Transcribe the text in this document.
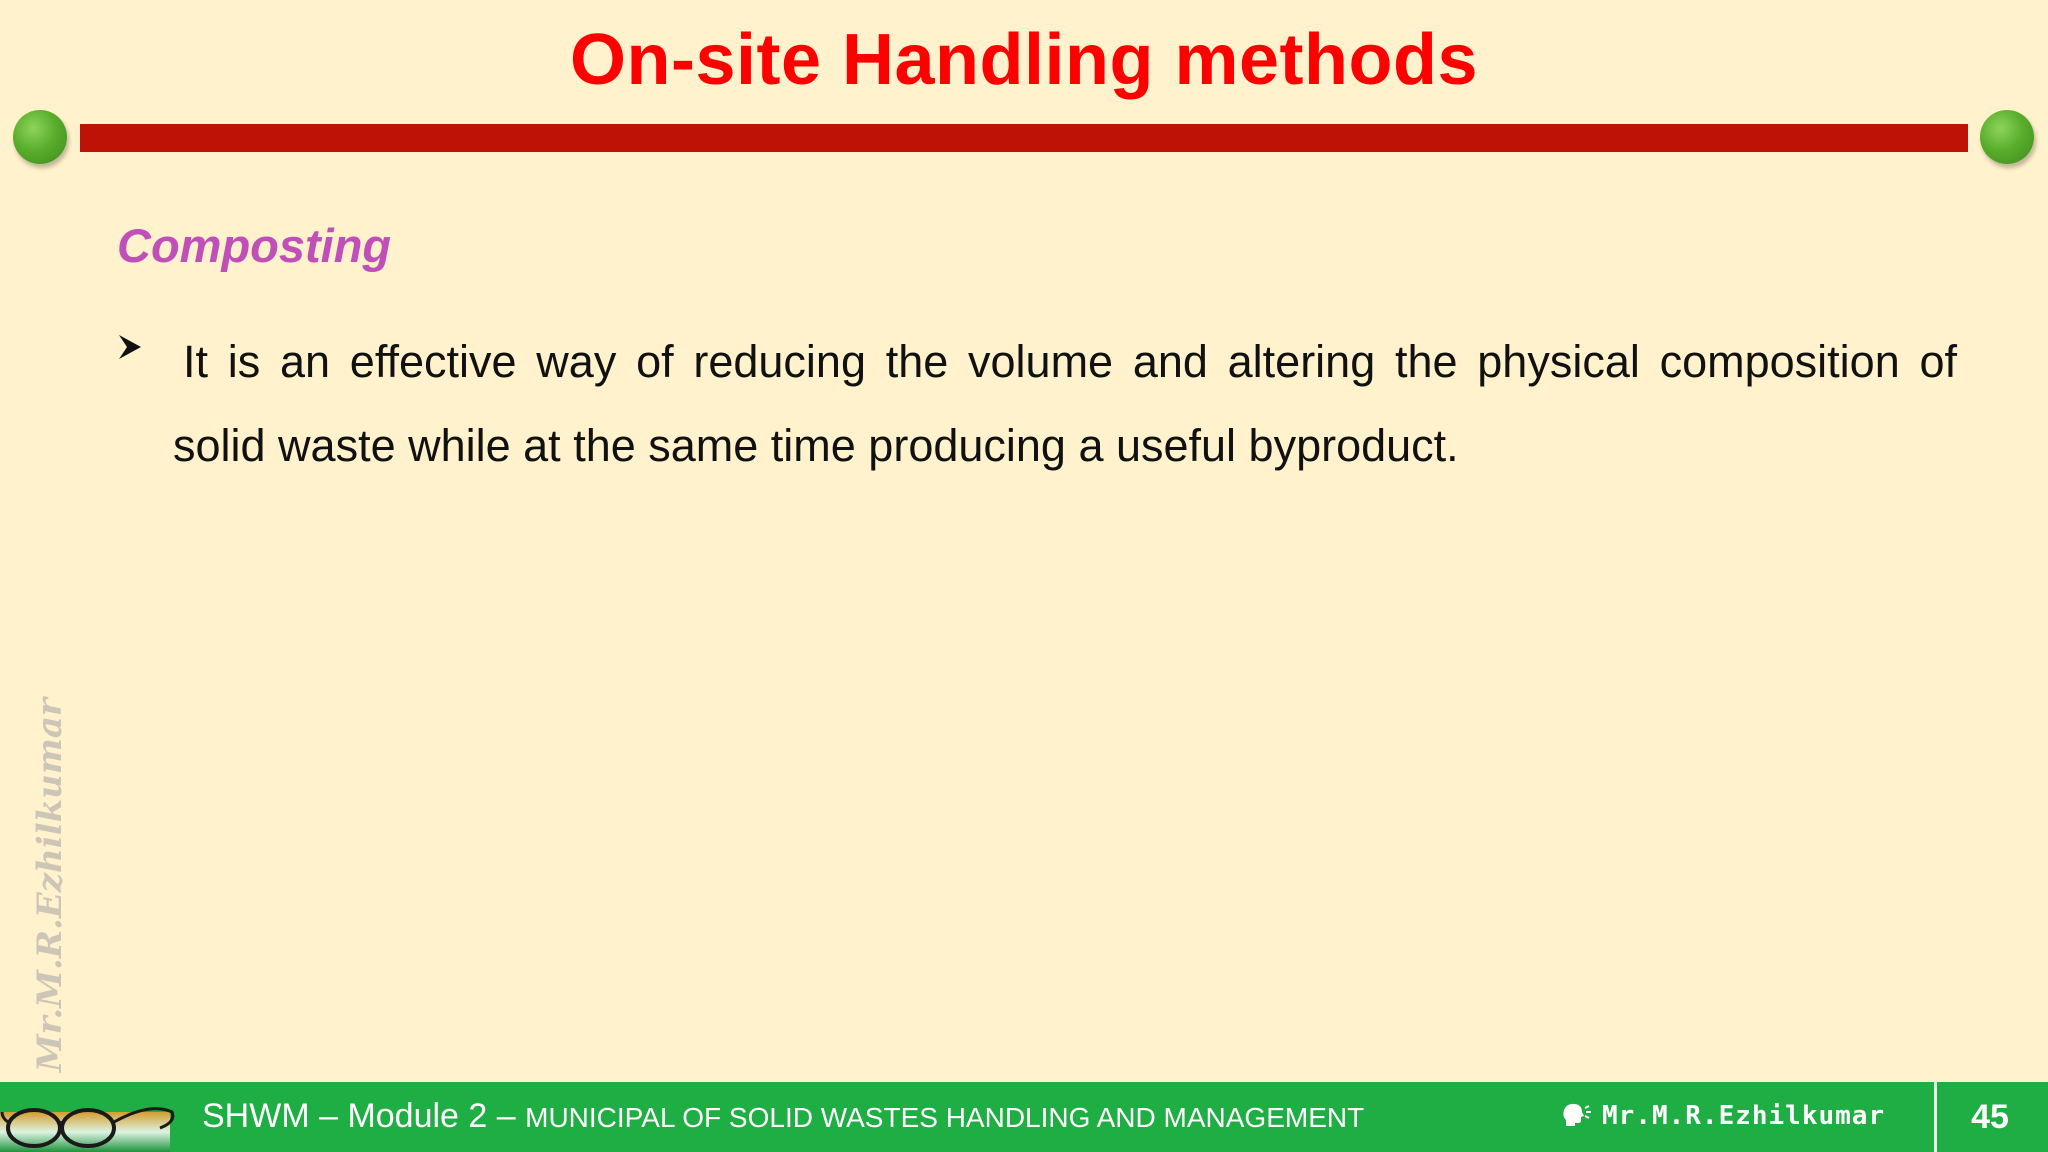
On-site Handling methods
Composting
It is an effective way of reducing the volume and altering the physical composition of solid waste while at the same time producing a useful byproduct.
Mr.M.R.Ezhilkumar
SHWM – Module 2 – MUNICIPAL OF SOLID WASTES HANDLING AND MANAGEMENT	Mr.M.R.Ezhilkumar	45
